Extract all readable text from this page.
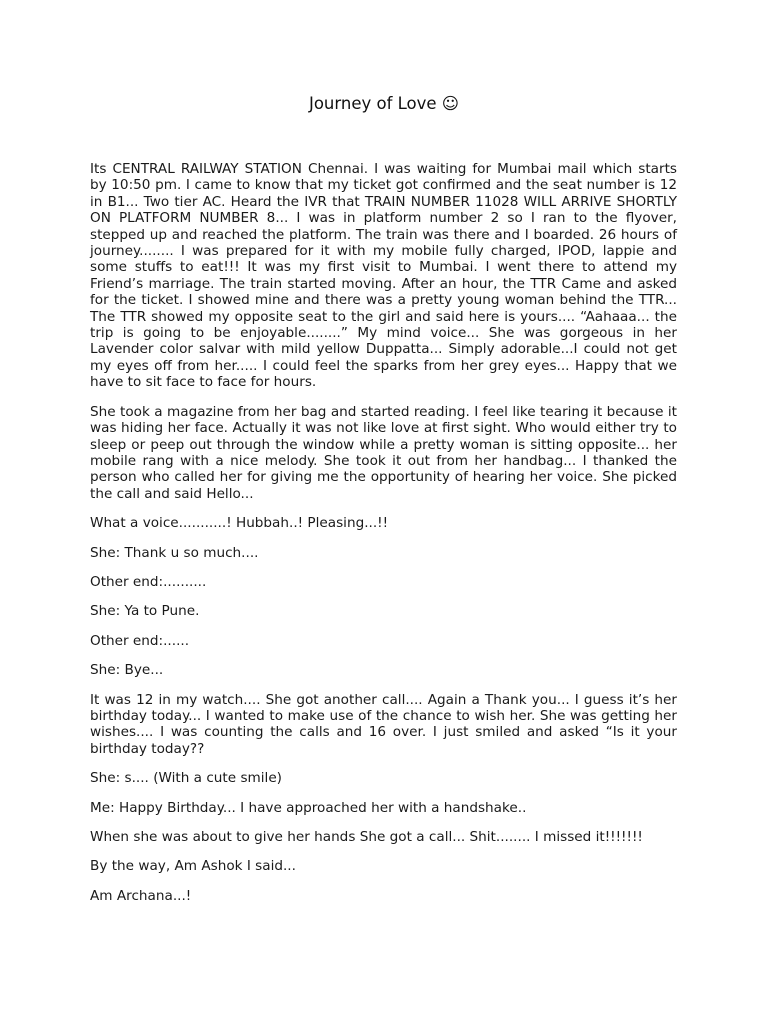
Journey of Love ☺

Its CENTRAL RAILWAY STATION Chennai. I was waiting for Mumbai mail which starts by 10:50 pm. I came to know that my ticket got confirmed and the seat number is 12 in B1... Two tier AC. Heard the IVR that TRAIN NUMBER 11028 WILL ARRIVE SHORTLY ON PLATFORM NUMBER 8... I was in platform number 2 so I ran to the flyover, stepped up and reached the platform. The train was there and I boarded. 26 hours of journey........ I was prepared for it with my mobile fully charged, IPOD, lappie and some stuffs to eat!!! It was my first visit to Mumbai. I went there to attend my Friend’s marriage. The train started moving. After an hour, the TTR Came and asked for the ticket. I showed mine and there was a pretty young woman behind the TTR... The TTR showed my opposite seat to the girl and said here is yours.... “Aahaaa... the trip is going to be enjoyable........” My mind voice... She was gorgeous in her Lavender color salvar with mild yellow Duppatta... Simply adorable...I could not get my eyes off from her..... I could feel the sparks from her grey eyes... Happy that we have to sit face to face for hours.

She took a magazine from her bag and started reading. I feel like tearing it because it was hiding her face. Actually it was not like love at first sight. Who would either try to sleep or peep out through the window while a pretty woman is sitting opposite... her mobile rang with a nice melody. She took it out from her handbag... I thanked the person who called her for giving me the opportunity of hearing her voice. She picked the call and said Hello...

What a voice...........! Hubbah..! Pleasing...!!

She: Thank u so much....

Other end:..........

She: Ya to Pune.

Other end:......

She: Bye...

It was 12 in my watch.... She got another call.... Again a Thank you... I guess it’s her birthday today... I wanted to make use of the chance to wish her. She was getting her wishes.... I was counting the calls and 16 over. I just smiled and asked “Is it your birthday today??

She: s.... (With a cute smile)

Me: Happy Birthday... I have approached her with a handshake..

When she was about to give her hands She got a call... Shit........ I missed it!!!!!!!

By the way, Am Ashok I said...

Am Archana...!
